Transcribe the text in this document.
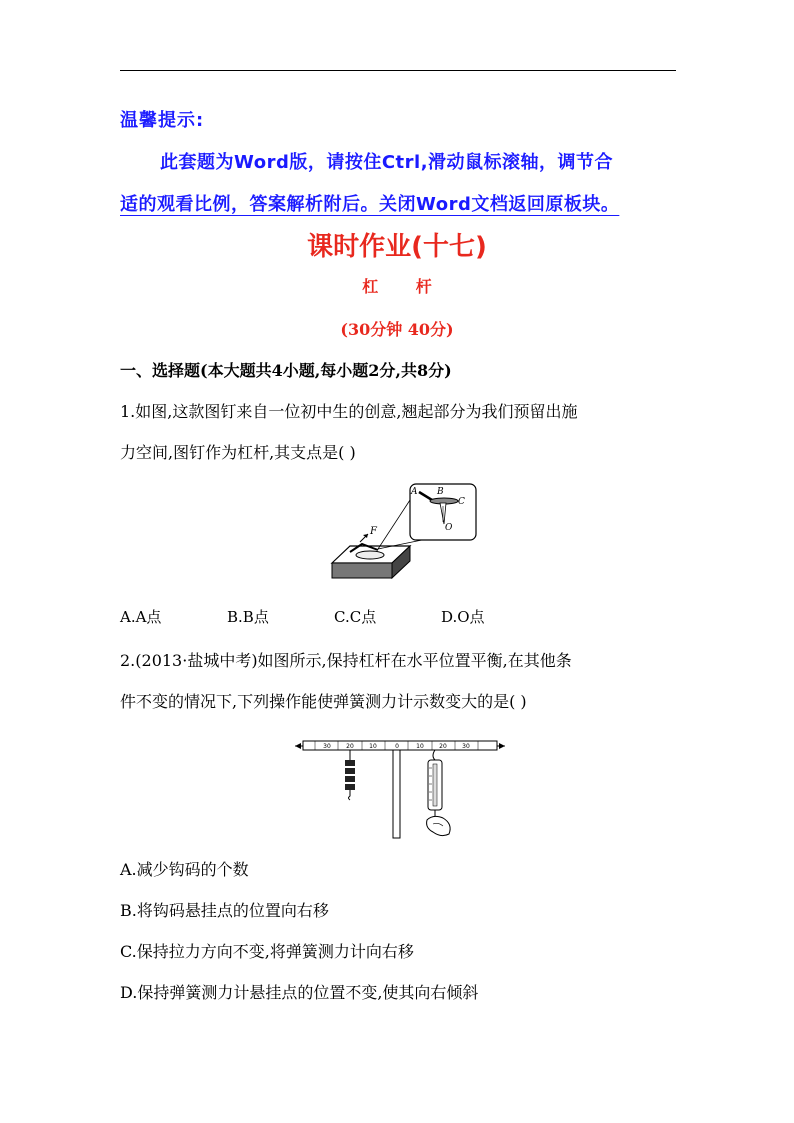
温馨提示:
此套题为Word版，请按住Ctrl,滑动鼠标滚轴，调节合
适的观看比例，答案解析附后。关闭Word文档返回原板块。
课时作业(十七)
杠 杆
(30分钟 40分)
一、选择题(本大题共4小题,每小题2分,共8分)
1.如图,这款图钉来自一位初中生的创意,翘起部分为我们预留出施
力空间,图钉作为杠杆,其支点是( )
F
A B
C
O
A.A点	B.B点	C.C点	D.O点
2.(2013·盐城中考)如图所示,保持杠杆在水平位置平衡,在其他条
件不变的情况下,下列操作能使弹簧测力计示数变大的是( )
30	20	10	0	10	20	30
A.减少钩码的个数
B.将钩码悬挂点的位置向右移
C.保持拉力方向不变,将弹簧测力计向右移
D.保持弹簧测力计悬挂点的位置不变,使其向右倾斜
